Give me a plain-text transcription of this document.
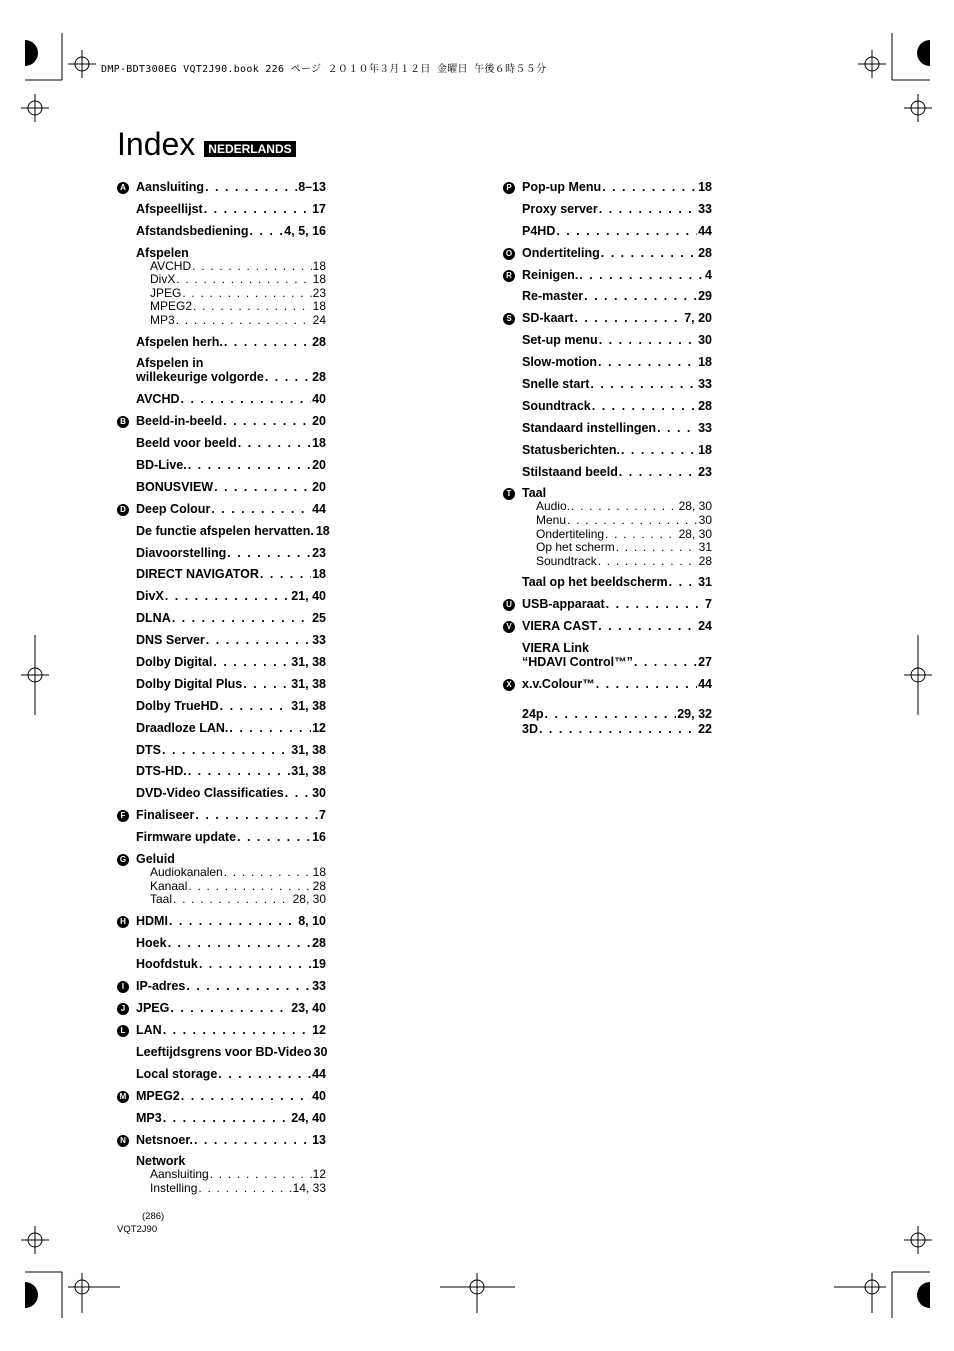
DMP-BDT300EG VQT2J90.book 226 ページ ２０１０年３月１２日 金曜日 午後６時５５分
Index	NEDERLANDS
A Aansluiting . . .	8–13
Afspeellijst . . .	17
Afstandsbediening . . .	4, 5, 16
Afspelen
AVCHD . . .	18
DivX . . .	18
JPEG . . .	23
MPEG2 . . .	18
MP3 . . .	24
Afspelen herh. . . .	28
Afspelen in
willekeurige volgorde . . .	28
AVCHD . . .	40
B Beeld-in-beeld . . .	20
Beeld voor beeld . . .	18
BD-Live. . . .	20
BONUSVIEW . . .	20
D Deep Colour . . .	44
De functie afspelen hervatten. 18
Diavoorstelling . . .	23
DIRECT NAVIGATOR . . .	18
DivX . . .	21, 40
DLNA . . .	25
DNS Server . . .	33
Dolby Digital . . .	31, 38
Dolby Digital Plus . . .	31, 38
Dolby TrueHD . . .	31, 38
Draadloze LAN. . . .	12
DTS . . .	31, 38
DTS-HD. . . .	31, 38
DVD-Video Classificaties . . . 30
F Finaliseer . . .	7
Firmware update . . .	16
G Geluid
Audiokanalen . . .	18
Kanaal . . .	28
Taal . . .	28, 30
H HDMI . . .	8, 10
Hoek . . .	28
Hoofdstuk . . .	19
I IP-adres . . .	33
J JPEG . . .	23, 40
L LAN . . .	12
Leeftijdsgrens voor BD-Video 30
Local storage . . .	44
M MPEG2 . . .	40
MP3 . . .	24, 40
N Netsnoer. . . .	13
Network
Aansluiting . . .	12
Instelling . . .	14, 33
P Pop-up Menu . . .	18
Proxy server . . .	33
P4HD . . .	44
O Ondertiteling . . .	28
R Reinigen. . . .	4
Re-master . . .	29
S SD-kaart . . .	7, 20
Set-up menu . . .	30
Slow-motion . . .	18
Snelle start . . .	33
Soundtrack . . .	28
Standaard instellingen . . .	33
Statusberichten. . . .	18
Stilstaand beeld . . .	23
T Taal
Audio. . . .	28, 30
Menu . . .	30
Ondertiteling . . .	28, 30
Op het scherm . . .	31
Soundtrack . . .	28
Taal op het beeldscherm . . . 31
U USB-apparaat . . .	7
V VIERA CAST . . .	24
VIERA Link
“HDAVI Control™” . . .	27
X x.v.Colour™ . . .	44
24p . . .	29, 32
3D . . .	22
(286)
VQT2J90
